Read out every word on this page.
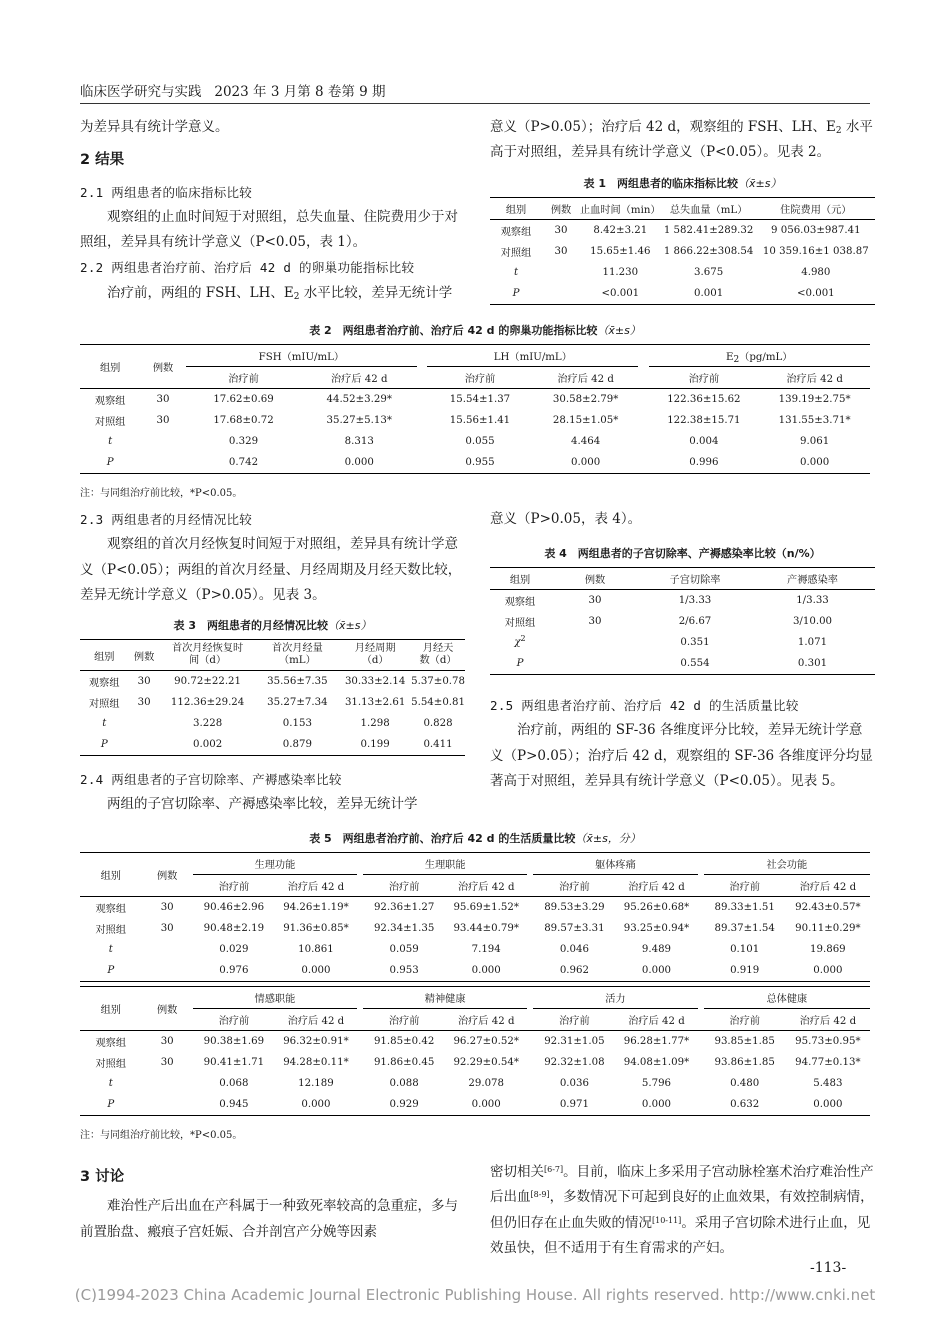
临床医学研究与实践 2023 年 3 月第 8 卷第 9 期

为差异具有统计学意义。

2 结果

2.1 两组患者的临床指标比较

观察组的止血时间短于对照组，总失血量、住院费用少于对照组，差异具有统计学意义（P<0.05，表 1）。

2.2 两组患者治疗前、治疗后 42 d 的卵巢功能指标比较

治疗前，两组的 FSH、LH、$E_2$ 水平比较，差异无统计学

意义（P>0.05）；治疗后 42 d，观察组的 FSH、LH、$E_2$ 水平高于对照组，差异具有统计学意义（P<0.05）。见表 2。

表 1　两组患者的临床指标比较（x̄±s）
组别	例数	止血时间（min）	总失血量（mL）	住院费用（元）
观察组	30	8.42±3.21	1 582.41±289.32	9 056.03±987.41
对照组	30	15.65±1.46	1 866.22±308.54	10 359.16±1 038.87
t		11.230	3.675	4.980
P		<0.001	0.001	<0.001
表 2　两组患者治疗前、治疗后 42 d 的卵巢功能指标比较（x̄±s）
组别	例数	FSH（mIU/mL）			LH（mIU/mL）			$E_2(pg/mL)$	
		治疗前	治疗后 42 d		治疗前	治疗后 42 d		治疗前	治疗后 42 d
观察组	30	17.62±0.69	44.52±3.29*		15.54±1.37	30.58±2.79*		122.36±15.62	139.19±2.75*
对照组	30	17.68±0.72	35.27±5.13*		15.56±1.41	28.15±1.05*		122.38±15.71	131.55±3.71*
t		0.329	8.313		0.055	4.464		0.004	9.061
P		0.742	0.000		0.955	0.000		0.996	0.000
注：与同组治疗前比较，*P<0.05。

2.3 两组患者的月经情况比较

观察组的首次月经恢复时间短于对照组，差异具有统计学意义（P<0.05）；两组的首次月经量、月经周期及月经天数比较，差异无统计学意义（P>0.05）。见表 3。

意义（P>0.05，表 4）。

表 3　两组患者的月经情况比较（x̄±s）
组别	例数	首次月经恢复时间（d）	首次月经量（mL）	月经周期（d）	月经天数（d）
观察组	30	90.72±22.21	35.56±7.35	30.33±2.14	5.37±0.78
对照组	30	112.36±29.24	35.27±7.34	31.13±2.61	5.54±0.81
t		3.228	0.153	1.298	0.828
P		0.002	0.879	0.199	0.411
表 4　两组患者的子宫切除率、产褥感染率比较（n/%）
组别	例数	子宫切除率	产褥感染率
观察组	30	1/3.33	1/3.33
对照组	30	2/6.67	3/10.00
$\chi^2$		0.351	1.071
P		0.554	0.301

2.4 两组患者的子宫切除率、产褥感染率比较

两组的子宫切除率、产褥感染率比较，差异无统计学

2.5 两组患者治疗前、治疗后 42 d 的生活质量比较

治疗前，两组的 SF-36 各维度评分比较，差异无统计学意义（P>0.05）；治疗后 42 d，观察组的 SF-36 各维度评分均显著高于对照组，差异具有统计学意义（P<0.05）。见表 5。

表 5　两组患者治疗前、治疗后 42 d 的生活质量比较（x̄±s，分）
组别	例数	生理功能			生理职能			躯体疼痛			社会功能	
		治疗前	治疗后 42 d		治疗前	治疗后 42 d		治疗前	治疗后 42 d		治疗前	治疗后 42 d
观察组	30	90.46±2.96	94.26±1.19*		92.36±1.27	95.69±1.52*		89.53±3.29	95.26±0.68*		89.33±1.51	92.43±0.57*
对照组	30	90.48±2.19	91.36±0.85*		92.34±1.35	93.44±0.79*		89.57±3.31	93.25±0.94*		89.37±1.54	90.11±0.29*
t		0.029	10.861		0.059	7.194		0.046	9.489		0.101	19.869
P		0.976	0.000		0.953	0.000		0.962	0.000		0.919	0.000

组别	例数	情感职能			精神健康			活力			总体健康	
		治疗前	治疗后 42 d		治疗前	治疗后 42 d		治疗前	治疗后 42 d		治疗前	治疗后 42 d
观察组	30	90.38±1.69	96.32±0.91*		91.85±0.42	96.27±0.52*		92.31±1.05	96.28±1.77*		93.85±1.85	95.73±0.95*
对照组	30	90.41±1.71	94.28±0.11*		91.86±0.45	92.29±0.54*		92.32±1.08	94.08±1.09*		93.86±1.85	94.77±0.13*
t		0.068	12.189		0.088	29.078		0.036	5.796		0.480	5.483
P		0.945	0.000		0.929	0.000		0.971	0.000		0.632	0.000
注：与同组治疗前比较，*P<0.05。

3 讨论

难治性产后出血在产科属于一种致死率较高的急重症，多与前置胎盘、瘢痕子宫妊娠、合并剖宫产分娩等因素

密切相关[6-7]。目前，临床上多采用子宫动脉栓塞术治疗难治性产后出血[8-9]，多数情况下可起到良好的止血效果，有效控制病情，但仍旧存在止血失败的情况[10-11]。采用子宫切除术进行止血，见效虽快，但不适用于有生育需求的产妇。

-113-
(C)1994-2023 China Academic Journal Electronic Publishing House. All rights reserved. http://www.cnki.net
